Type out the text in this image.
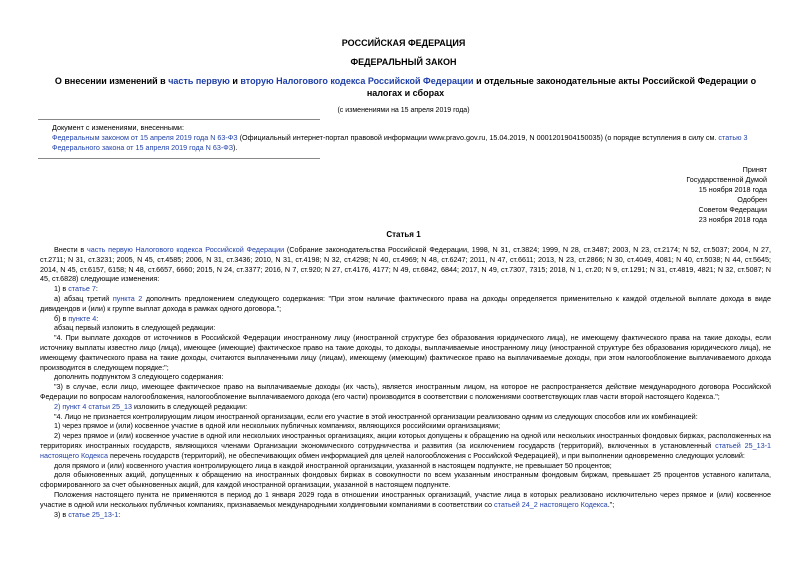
РОССИЙСКАЯ ФЕДЕРАЦИЯ
ФЕДЕРАЛЬНЫЙ ЗАКОН
О внесении изменений в часть первую и вторую Налогового кодекса Российской Федерации и отдельные законодательные акты Российской Федерации о налогах и сборах
(с изменениями на 15 апреля 2019 года)

Документ с изменениями, внесенными:

Федеральным законом от 15 апреля 2019 года N 63-ФЗ (Официальный интернет-портал правовой информации www.pravo.gov.ru, 15.04.2019, N 0001201904150035) (о порядке вступления в силу см. статью 3 Федерального закона от 15 апреля 2019 года N 63-ФЗ).

Принят
Государственной Думой
15 ноября 2018 года
Одобрен
Советом Федерации
23 ноября 2018 года
Статья 1

Внести в часть первую Налогового кодекса Российской Федерации (Собрание законодательства Российской Федерации, 1998, N 31, ст.3824; 1999, N 28, ст.3487; 2003, N 23, ст.2174; N 52, ст.5037; 2004, N 27, ст.2711; N 31, ст.3231; 2005, N 45, ст.4585; 2006, N 31, ст.3436; 2010, N 31, ст.4198; N 32, ст.4298; N 40, ст.4969; N 48, ст.6247; 2011, N 47, ст.6611; 2013, N 23, ст.2866; N 30, ст.4049, 4081; N 40, ст.5038; N 44, ст.5645; 2014, N 45, ст.6157, 6158; N 48, ст.6657, 6660; 2015, N 24, ст.3377; 2016, N 7, ст.920; N 27, ст.4176, 4177; N 49, ст.6842, 6844; 2017, N 49, ст.7307, 7315; 2018, N 1, ст.20; N 9, ст.1291; N 31, ст.4819, 4821; N 32, ст.5087; N 45, ст.6828) следующие изменения:

1) в статье 7:

а) абзац третий пункта 2 дополнить предложением следующего содержания: "При этом наличие фактического права на доходы определяется применительно к каждой отдельной выплате дохода в виде дивидендов и (или) к группе выплат дохода в рамках одного договора.";

б) в пункте 4:

абзац первый изложить в следующей редакции:

"4. При выплате доходов от источников в Российской Федерации иностранному лицу (иностранной структуре без образования юридического лица), не имеющему фактического права на такие доходы, если источнику выплаты известно лицо (лица), имеющее (имеющие) фактическое право на такие доходы, то доходы, выплачиваемые иностранному лицу (иностранной структуре без образования юридического лица), не имеющему фактического права на такие доходы, считаются выплаченными лицу (лицам), имеющему (имеющим) фактическое право на выплачиваемые доходы, при этом налогообложение выплачиваемого дохода производится в следующем порядке:";

дополнить подпунктом 3 следующего содержания:

"3) в случае, если лицо, имеющее фактическое право на выплачиваемые доходы (их часть), является иностранным лицом, на которое не распространяется действие международного договора Российской Федерации по вопросам налогообложения, налогообложение выплачиваемого дохода (его части) производится в соответствии с положениями соответствующих глав части второй настоящего Кодекса.";

2) пункт 4 статьи 25_13 изложить в следующей редакции:

"4. Лицо не признается контролирующим лицом иностранной организации, если его участие в этой иностранной организации реализовано одним из следующих способов или их комбинацией:

1) через прямое и (или) косвенное участие в одной или нескольких публичных компаниях, являющихся российскими организациями;

2) через прямое и (или) косвенное участие в одной или нескольких иностранных организациях, акции которых допущены к обращению на одной или нескольких иностранных фондовых биржах, расположенных на территориях иностранных государств, являющихся членами Организации экономического сотрудничества и развития (за исключением государств (территорий), включенных в установленный статьей 25_13-1 настоящего Кодекса перечень государств (территорий), не обеспечивающих обмен информацией для целей налогообложения с Российской Федерацией), и при выполнении одновременно следующих условий:

доля прямого и (или) косвенного участия контролирующего лица в каждой иностранной организации, указанной в настоящем подпункте, не превышает 50 процентов;

доля обыкновенных акций, допущенных к обращению на иностранных фондовых биржах в совокупности по всем указанным иностранным фондовым биржам, превышает 25 процентов уставного капитала, сформированного за счет обыкновенных акций, для каждой иностранной организации, указанной в настоящем подпункте.

Положения настоящего пункта не применяются в период до 1 января 2029 года в отношении иностранных организаций, участие лица в которых реализовано исключительно через прямое и (или) косвенное участие в одной или нескольких публичных компаниях, признаваемых международными холдинговыми компаниями в соответствии со статьей 24_2 настоящего Кодекса.";

3) в статье 25_13-1:
